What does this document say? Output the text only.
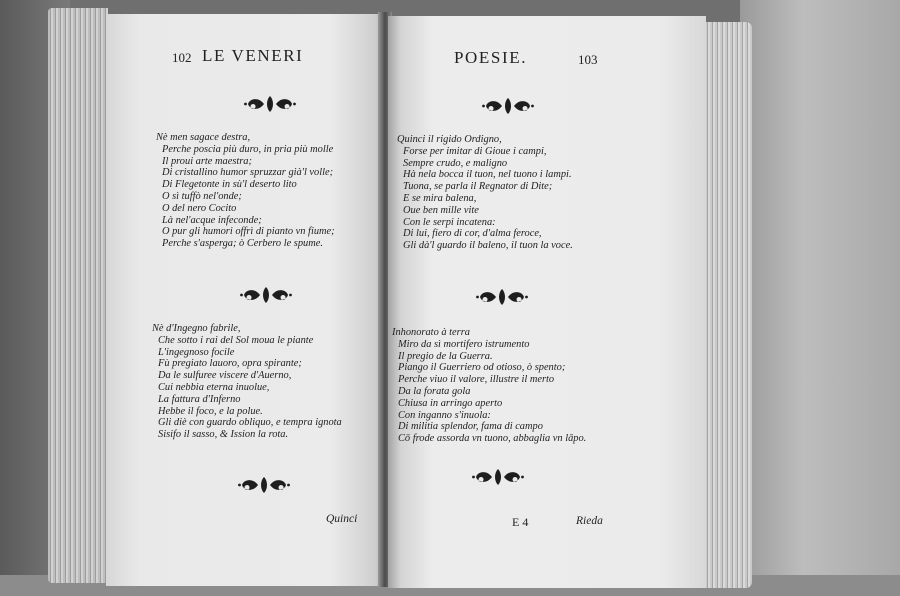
102 LE VENERI
Nè men sagace destra,
Perche poscia più duro, in pria più molle
Il proui arte maestra;
Di cristallino humor spruzzar già'l volle;
Di Flegetonte in sù'l deserto lito
O sì tuffò nel'onde;
O del nero Cocito
Là nel'acque infeconde;
O pur gli humori offrì di pianto vn fiume;
Perche s'asperga; ò Cerbero le spume.
Nè d'Ingegno fabrile,
Che sotto i rai del Sol moua le piante
L'ingegnoso focile
Fù pregiato lauoro, opra spirante;
Da le sulfuree viscere d'Auerno,
Cui nebbia eterna inuolue,
La fattura d'Inferno
Hebbe il foco, e la polue.
Gli diè con guardo obliquo, e tempra ignota
Sisifo il sasso, & Ission la rota.
Quinci
POESIE.	103
Quinci il rigido Ordigno,
Forse per imitar di Gioue i campi,
Sempre crudo, e maligno
Hà nela bocca il tuon, nel tuono i lampi.
Tuona, se parla il Regnator di Dite;
E se mira balena,
Oue ben mille vite
Con le serpi incatena:
Di lui, fiero di cor, d'alma feroce,
Gli dà'l guardo il baleno, il tuon la voce.
Inhonorato à terra
Miro da sì mortifero istrumento
Il pregio de la Guerra.
Piango il Guerriero od otioso, ò spento;
Perche viuo il valore, illustre il merto
Da la forata gola
Chiusa in arringo aperto
Con inganno s'inuola:
Di militia splendor, fama di campo
Cō frode assorda vn tuono, abbaglia vn lāpo.
E 4	Rieda
